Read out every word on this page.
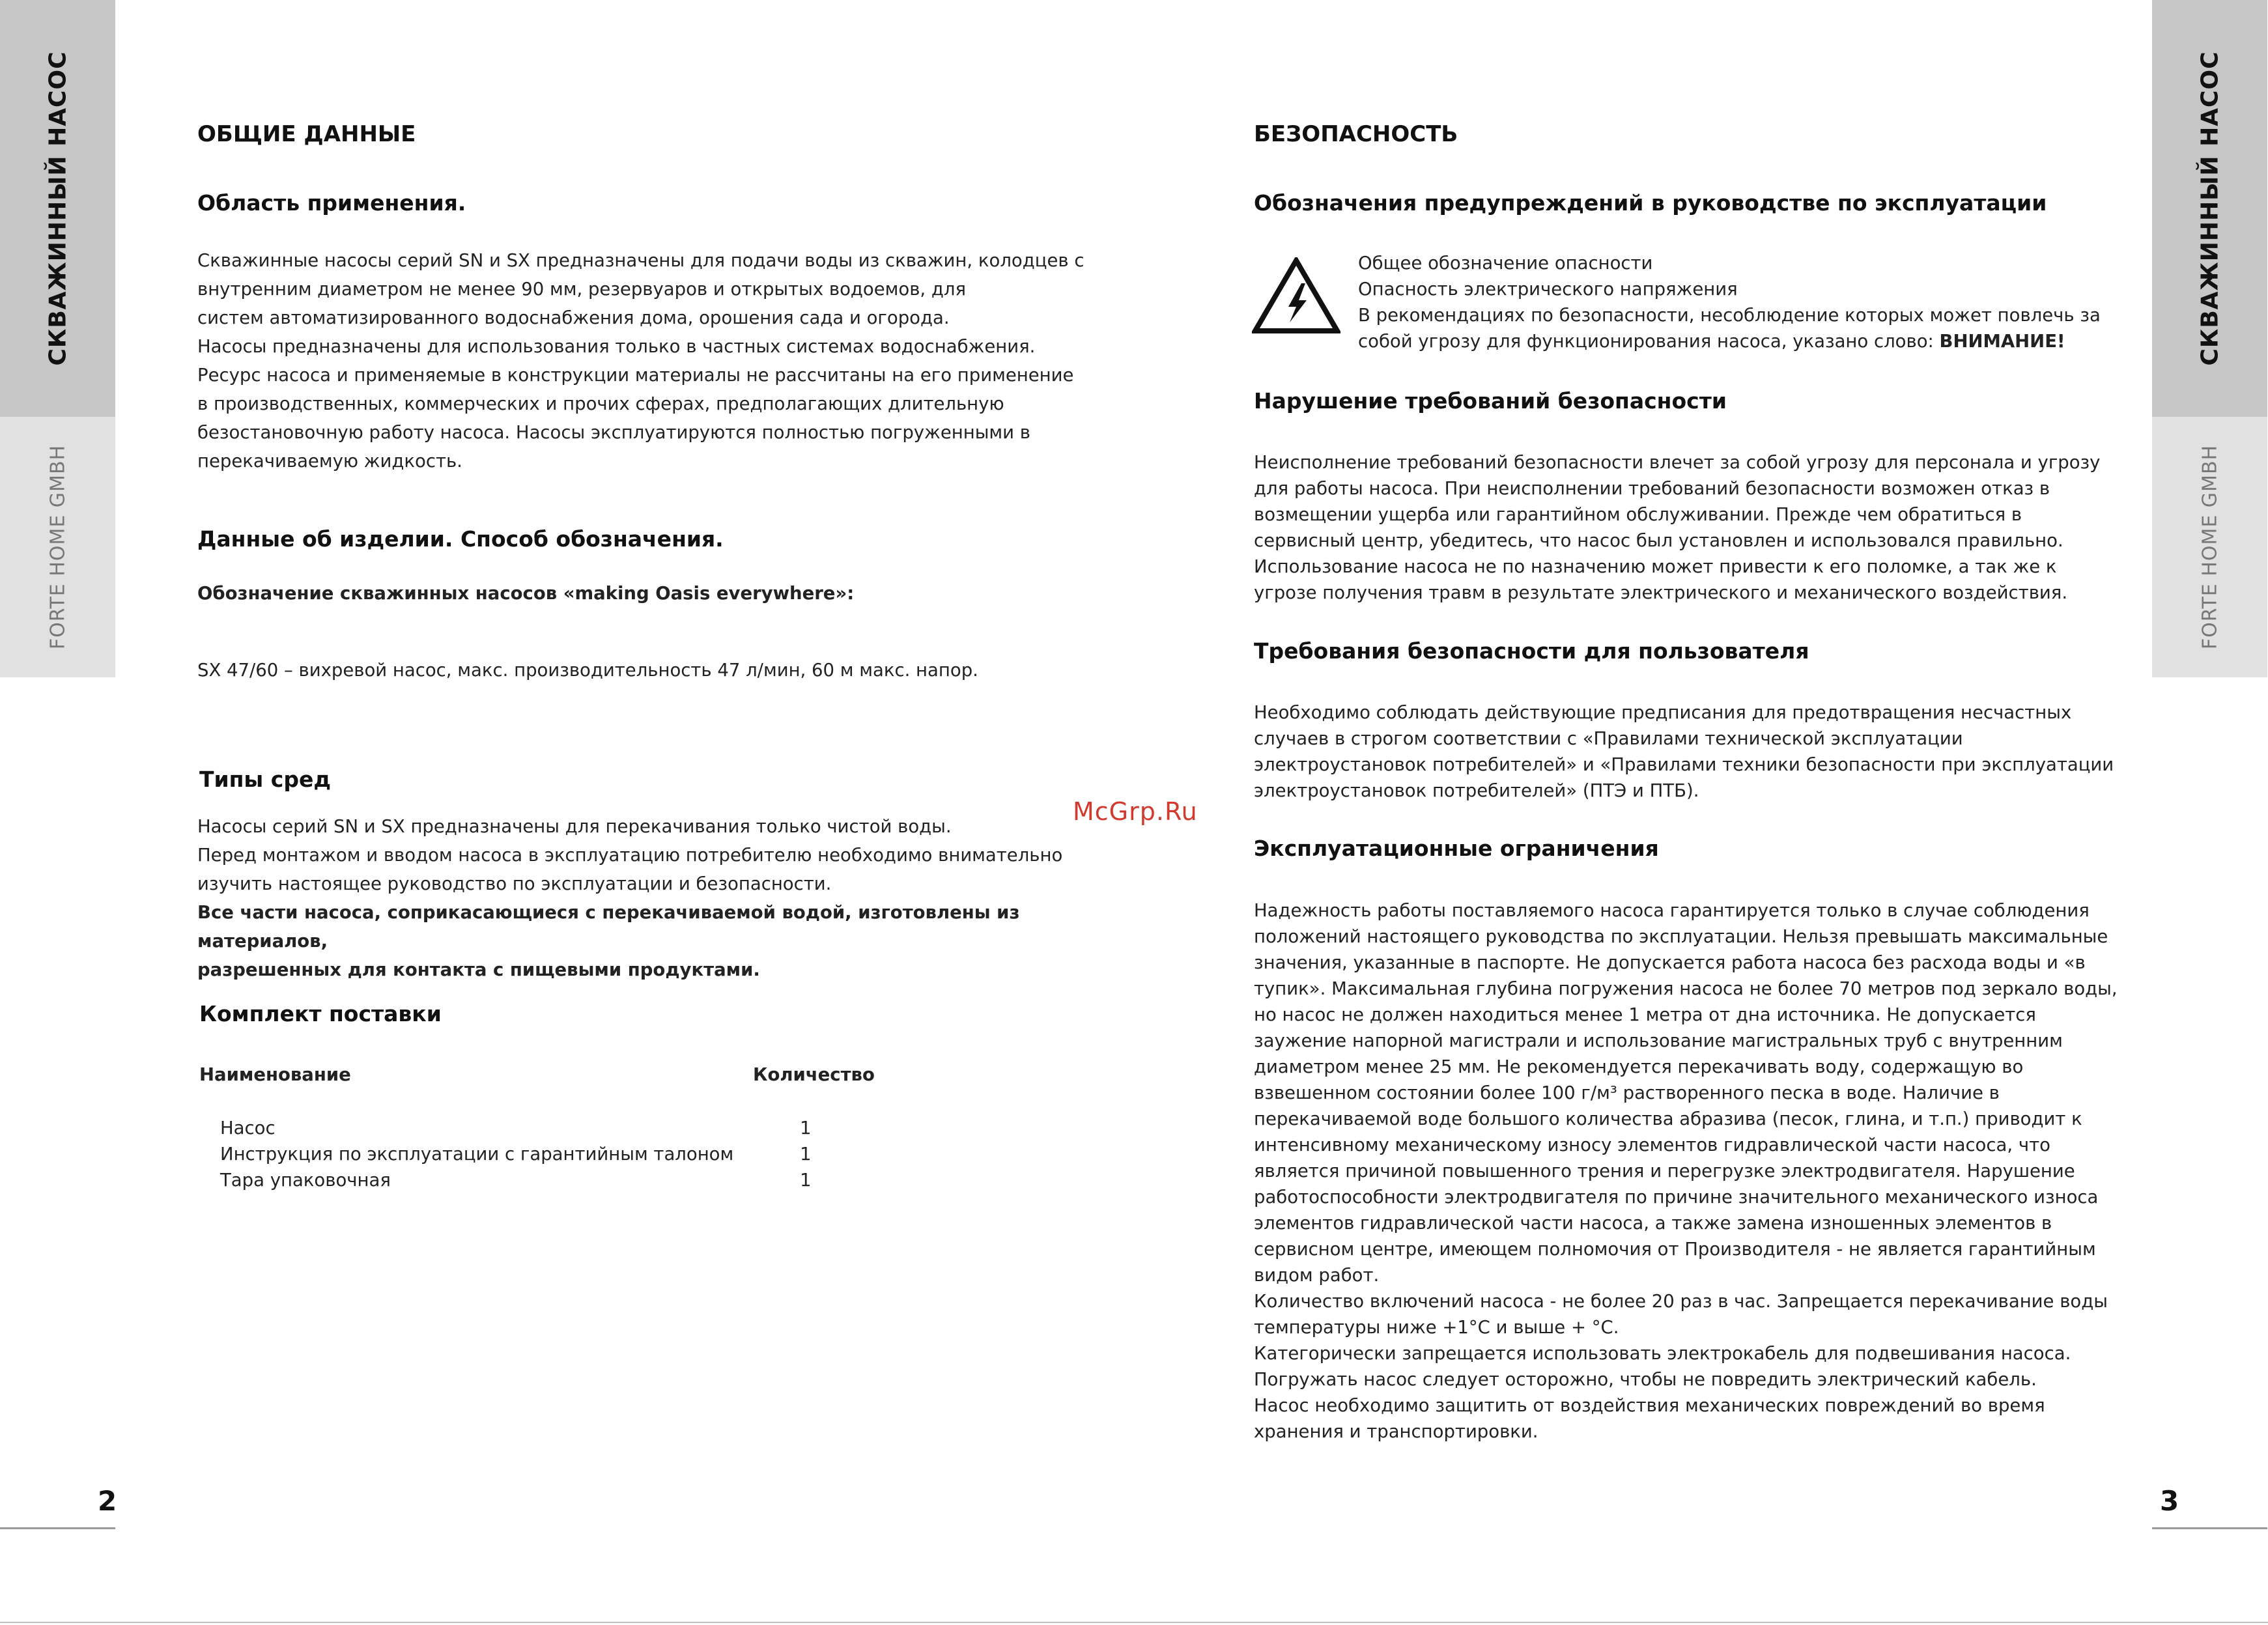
СКВАЖИННЫЙ НАСОС
FORTE HOME GMBH
СКВАЖИННЫЙ НАСОС
FORTE HOME GMBH
2	3
McGrp.Ru
ОБЩИЕ ДАННЫЕ
Область применения.

Скважинные насосы серий SN и SX предназначены для подачи воды из скважин, колодцев с

внутренним диаметром не менее 90 мм, резервуаров и открытых водоемов, для

систем автоматизированного водоснабжения дома, орошения сада и огорода.

Насосы предназначены для использования только в частных системах водоснабжения.

Ресурс насоса и применяемые в конструкции материалы не рассчитаны на его применение

в производственных, коммерческих и прочих сферах, предполагающих длительную

безостановочную работу насоса. Насосы эксплуатируются полностью погруженными в

перекачиваемую жидкость.

Данные об изделии. Способ обозначения.
Обозначение скважинных насосов «making Oasis everywhere»:
SX 47/60 – вихревой насос, макс. производительность 47 л/мин, 60 м макс. напор.
Типы сред

Насосы серий SN и SX предназначены для перекачивания только чистой воды.

Перед монтажом и вводом насоса в эксплуатацию потребителю необходимо внимательно

изучить настоящее руководство по эксплуатации и безопасности.

Все части насоса, соприкасающиеся с перекачиваемой водой, изготовлены из материалов,

разрешенных для контакта с пищевыми продуктами.

Комплект поставки
Наименование	Количество

Насос	1
Инструкция по эксплуатации с гарантийным талоном	1
Тара упаковочная	1
БЕЗОПАСНОСТЬ
Обозначения предупреждений в руководстве по эксплуатации

Общее обозначение опасности

Опасность электрического напряжения

В рекомендациях по безопасности, несоблюдение которых может повлечь за

собой угрозу для функционирования насоса, указано слово: ВНИМАНИЕ!

Нарушение требований безопасности

Неисполнение требований безопасности влечет за собой угрозу для персонала и угрозу

для работы насоса. При неисполнении требований безопасности возможен отказ в

возмещении ущерба или гарантийном обслуживании. Прежде чем обратиться в

сервисный центр, убедитесь, что насос был установлен и использовался правильно.

Использование насоса не по назначению может привести к его поломке, а так же к

угрозе получения травм в результате электрического и механического воздействия.

Требования безопасности для пользователя

Необходимо соблюдать действующие предписания для предотвращения несчастных

случаев в строгом соответствии с «Правилами технической эксплуатации

электроустановок потребителей» и «Правилами техники безопасности при эксплуатации

электроустановок потребителей» (ПТЭ и ПТБ).

Эксплуатационные ограничения

Надежность работы поставляемого насоса гарантируется только в случае соблюдения

положений настоящего руководства по эксплуатации. Нельзя превышать максимальные

значения, указанные в паспорте. Не допускается работа насоса без расхода воды и «в

тупик». Максимальная глубина погружения насоса не более 70 метров под зеркало воды,

но насос не должен находиться менее 1 метра от дна источника. Не допускается

заужение напорной магистрали и использование магистральных труб с внутренним

диаметром менее 25 мм. Не рекомендуется перекачивать воду, содержащую во

взвешенном состоянии более 100 г/м³ растворенного песка в воде. Наличие в

перекачиваемой воде большого количества абразива (песок, глина, и т.п.) приводит к

интенсивному механическому износу элементов гидравлической части насоса, что

является причиной повышенного трения и перегрузке электродвигателя. Нарушение

работоспособности электродвигателя по причине значительного механического износа

элементов гидравлической части насоса, а также замена изношенных элементов в

сервисном центре, имеющем полномочия от Производителя - не является гарантийным

видом работ.

Количество включений насоса - не более 20 раз в час. Запрещается перекачивание воды

температуры ниже +1°С и выше + °С.

Категорически запрещается использовать электрокабель для подвешивания насоса.

Погружать насос следует осторожно, чтобы не повредить электрический кабель.

Насос необходимо защитить от воздействия механических повреждений во время

хранения и транспортировки.
